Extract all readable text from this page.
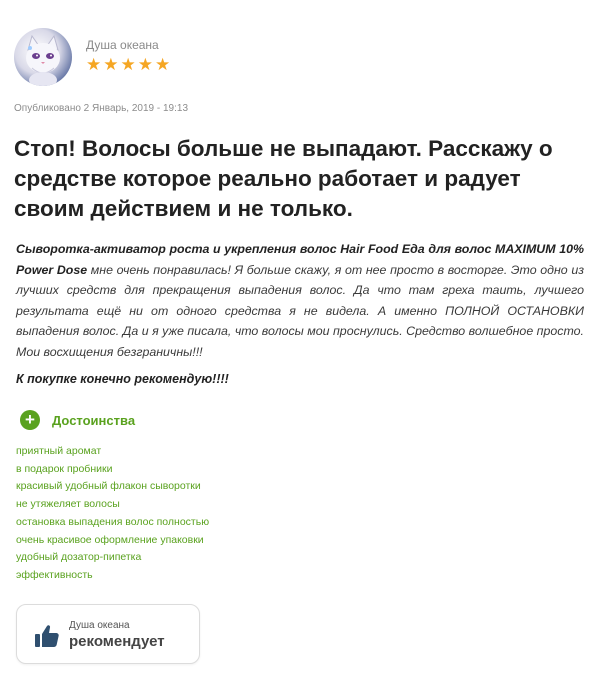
Душа океана
★ ★ ★ ★ ★
Опубликовано 2 Январь, 2019 - 19:13
Стоп! Волосы больше не выпадают. Расскажу о средстве которое реально работает и радует своим действием и не только.

Сыворотка-активатор роста и укрепления волос Hair Food Еда для волос MAXIMUM 10% Power Dose мне очень понравилась! Я больше скажу, я от нее просто в восторге. Это одно из лучших средств для прекращения выпадения волос. Да что там греха таить, лучшего результата ещё ни от одного средства я не видела. А именно ПОЛНОЙ ОСТАНОВКИ выпадения волос. Да и я уже писала, что волосы мои проснулись. Средство волшебное просто. Мои восхищения безграничны!!!

К покупке конечно рекомендую!!!!
+	Достоинства
приятный аромат
в подарок пробники
красивый удобный флакон сыворотки
не утяжеляет волосы
остановка выпадения волос полностью
очень красивое оформление упаковки
удобный дозатор-пипетка
эффективность
Душа океана
рекомендует
